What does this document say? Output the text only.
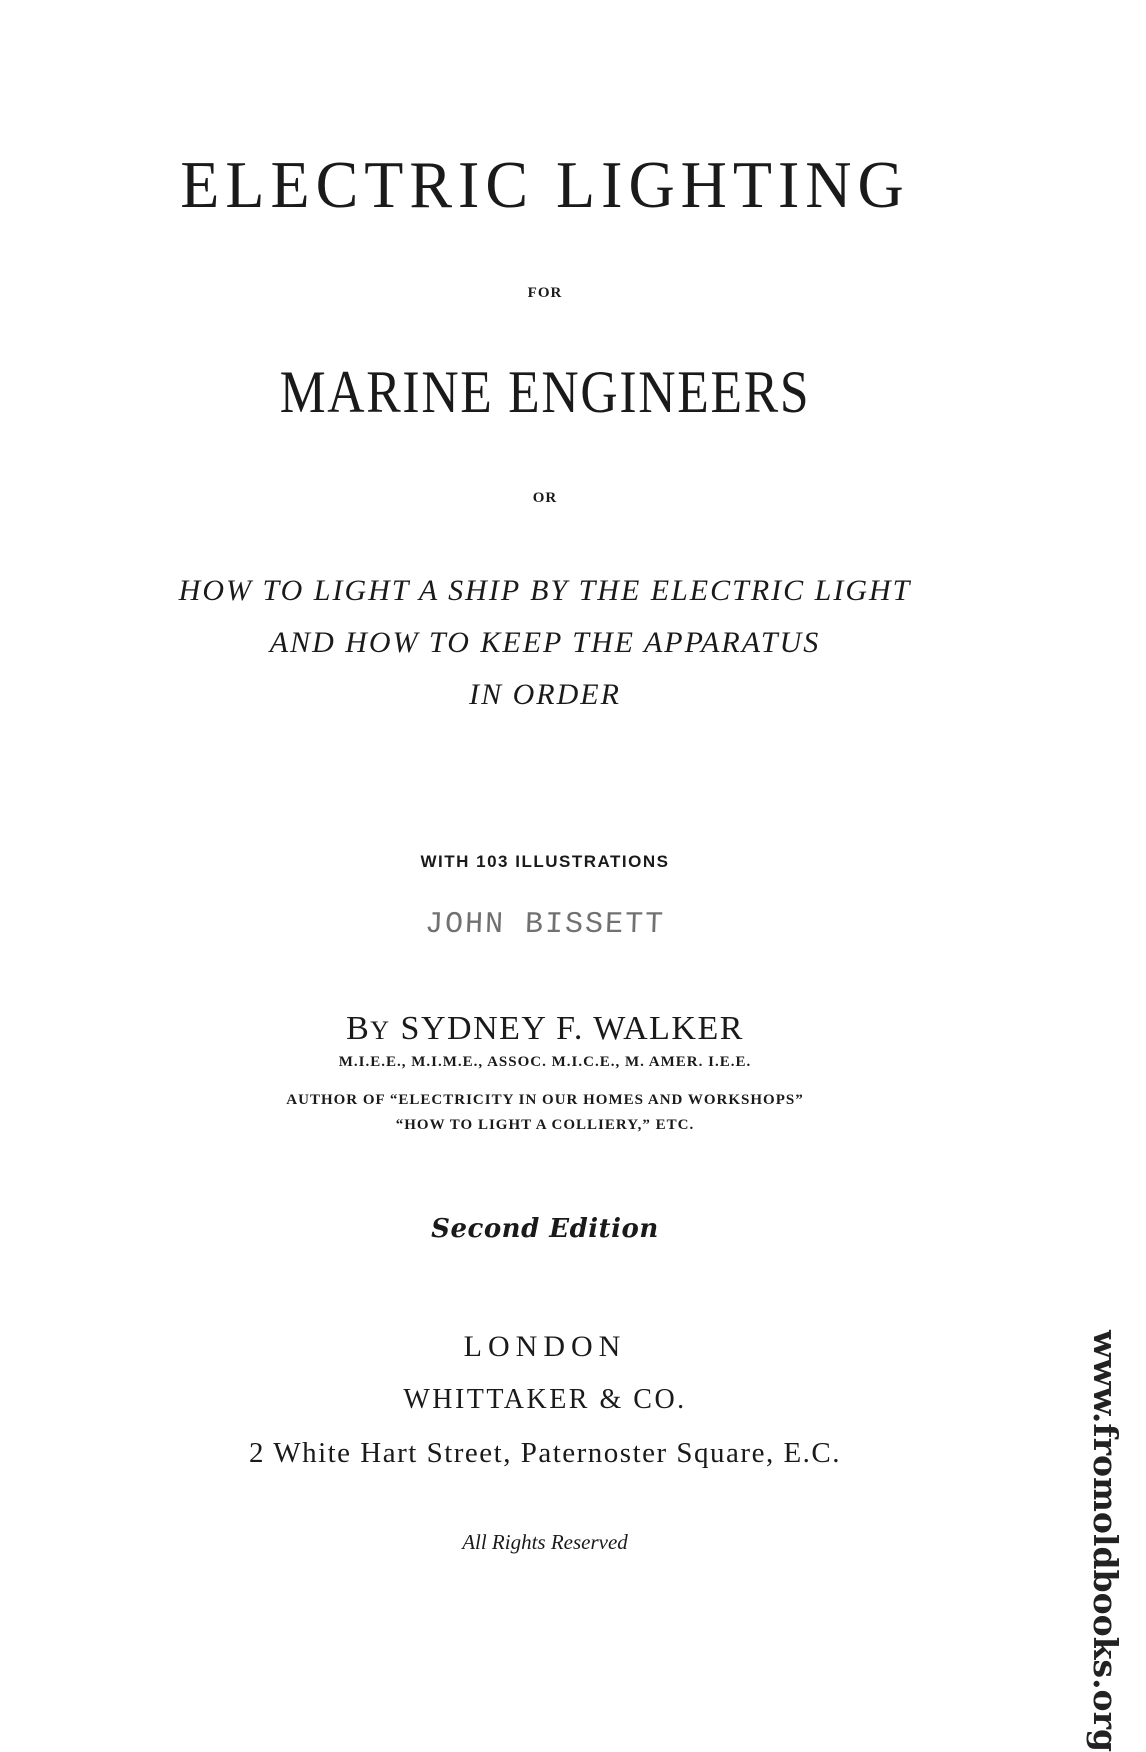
ELECTRIC LIGHTING
FOR
MARINE ENGINEERS
OR
HOW TO LIGHT A SHIP BY THE ELECTRIC LIGHT
AND HOW TO KEEP THE APPARATUS
IN ORDER
WITH 103 ILLUSTRATIONS
JOHN BISSETT
BY SYDNEY F. WALKER
M.I.E.E., M.I.M.E., ASSOC. M.I.C.E., M. AMER. I.E.E.
AUTHOR OF “ELECTRICITY IN OUR HOMES AND WORKSHOPS”
“HOW TO LIGHT A COLLIERY,” ETC.
Second Edition
LONDON
WHITTAKER & CO.
2 White Hart Street, Paternoster Square, E.C.
All Rights Reserved	www.fromoldbooks.org
